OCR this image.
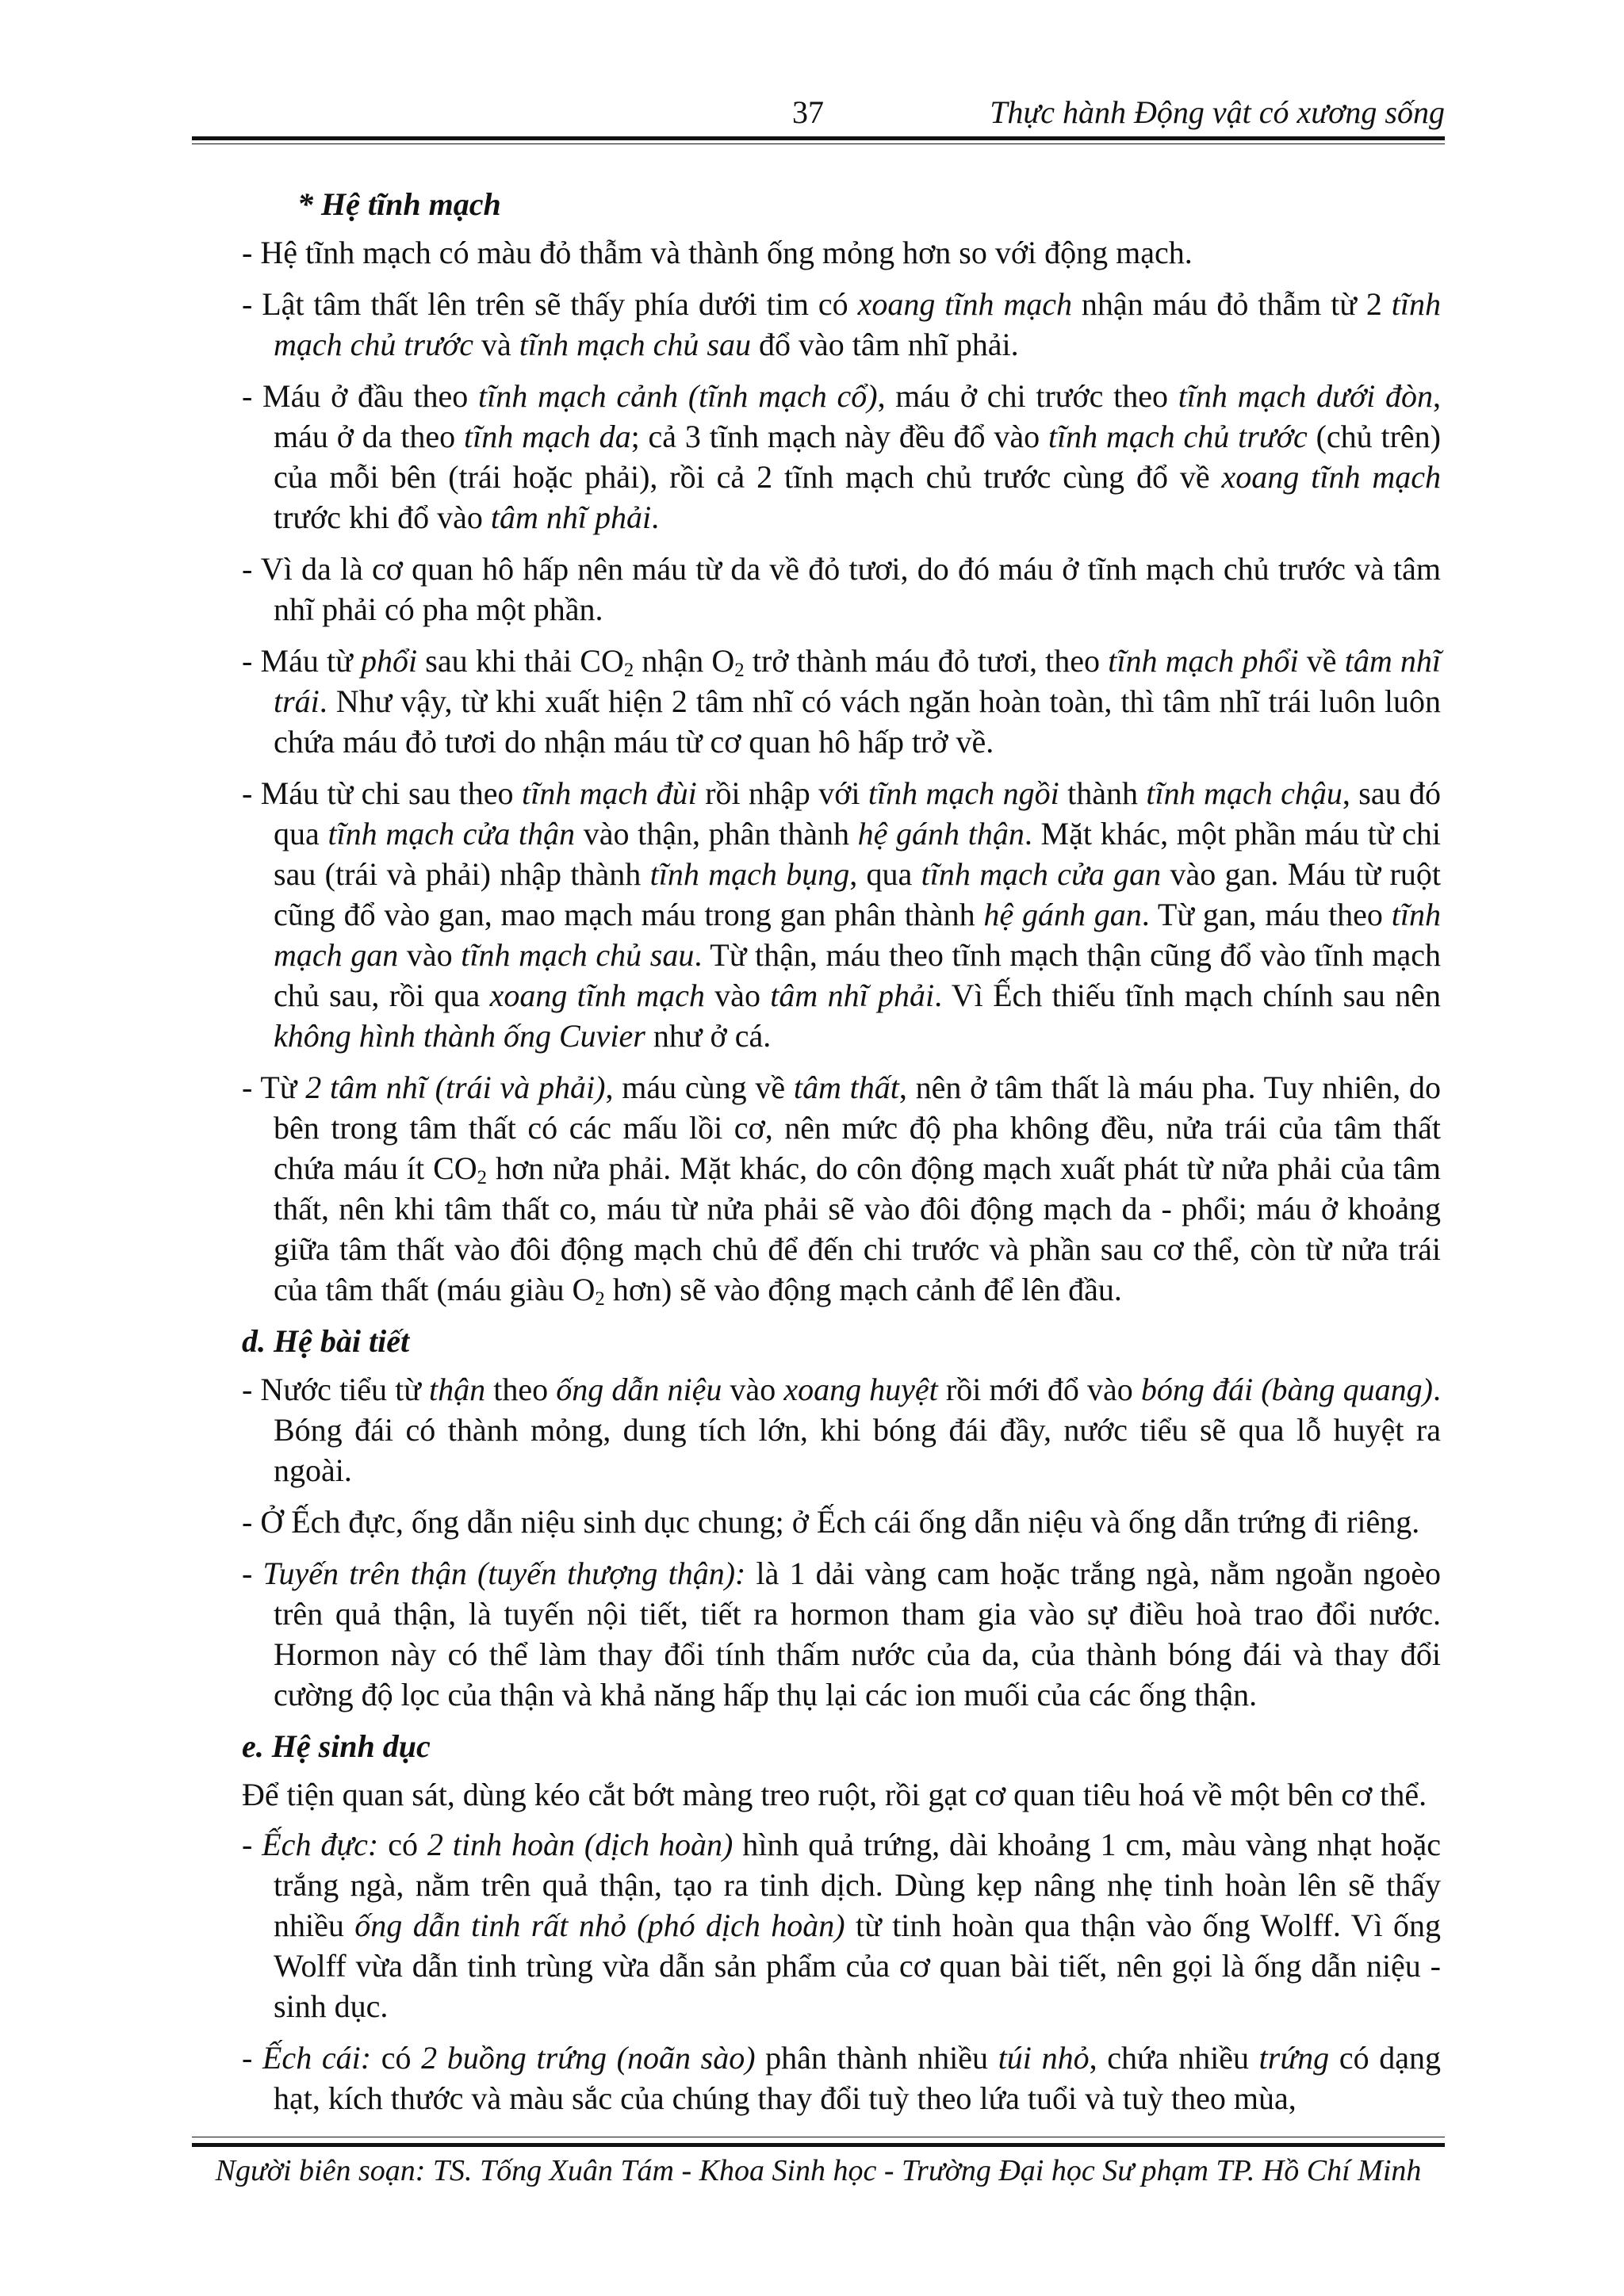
37	Thực hành Động vật có xương sống

* Hệ tĩnh mạch

- Hệ tĩnh mạch có màu đỏ thẫm và thành ống mỏng hơn so với động mạch.

- Lật tâm thất lên trên sẽ thấy phía dưới tim có xoang tĩnh mạch nhận máu đỏ thẫm từ 2 tĩnh mạch chủ trước và tĩnh mạch chủ sau đổ vào tâm nhĩ phải.

- Máu ở đầu theo tĩnh mạch cảnh (tĩnh mạch cổ), máu ở chi trước theo tĩnh mạch dưới đòn, máu ở da theo tĩnh mạch da; cả 3 tĩnh mạch này đều đổ vào tĩnh mạch chủ trước (chủ trên) của mỗi bên (trái hoặc phải), rồi cả 2 tĩnh mạch chủ trước cùng đổ về xoang tĩnh mạch trước khi đổ vào tâm nhĩ phải.

- Vì da là cơ quan hô hấp nên máu từ da về đỏ tươi, do đó máu ở tĩnh mạch chủ trước và tâm nhĩ phải có pha một phần.

- Máu từ phổi sau khi thải $CO_2$ nhận $O_2$ trở thành máu đỏ tươi, theo tĩnh mạch phổi về tâm nhĩ trái. Như vậy, từ khi xuất hiện 2 tâm nhĩ có vách ngăn hoàn toàn, thì tâm nhĩ trái luôn luôn chứa máu đỏ tươi do nhận máu từ cơ quan hô hấp trở về.

- Máu từ chi sau theo tĩnh mạch đùi rồi nhập với tĩnh mạch ngồi thành tĩnh mạch chậu, sau đó qua tĩnh mạch cửa thận vào thận, phân thành hệ gánh thận. Mặt khác, một phần máu từ chi sau (trái và phải) nhập thành tĩnh mạch bụng, qua tĩnh mạch cửa gan vào gan. Máu từ ruột cũng đổ vào gan, mao mạch máu trong gan phân thành hệ gánh gan. Từ gan, máu theo tĩnh mạch gan vào tĩnh mạch chủ sau. Từ thận, máu theo tĩnh mạch thận cũng đổ vào tĩnh mạch chủ sau, rồi qua xoang tĩnh mạch vào tâm nhĩ phải. Vì Ếch thiếu tĩnh mạch chính sau nên không hình thành ống Cuvier như ở cá.

- Từ 2 tâm nhĩ (trái và phải), máu cùng về tâm thất, nên ở tâm thất là máu pha. Tuy nhiên, do bên trong tâm thất có các mấu lồi cơ, nên mức độ pha không đều, nửa trái của tâm thất chứa máu ít $CO_2$ hơn nửa phải. Mặt khác, do côn động mạch xuất phát từ nửa phải của tâm thất, nên khi tâm thất co, máu từ nửa phải sẽ vào đôi động mạch da - phổi; máu ở khoảng giữa tâm thất vào đôi động mạch chủ để đến chi trước và phần sau cơ thể, còn từ nửa trái của tâm thất (máu giàu $O_2$ hơn) sẽ vào động mạch cảnh để lên đầu.

d. Hệ bài tiết

- Nước tiểu từ thận theo ống dẫn niệu vào xoang huyệt rồi mới đổ vào bóng đái (bàng quang). Bóng đái có thành mỏng, dung tích lớn, khi bóng đái đầy, nước tiểu sẽ qua lỗ huyệt ra ngoài.

- Ở Ếch đực, ống dẫn niệu sinh dục chung; ở Ếch cái ống dẫn niệu và ống dẫn trứng đi riêng.

- Tuyến trên thận (tuyến thượng thận): là 1 dải vàng cam hoặc trắng ngà, nằm ngoằn ngoèo trên quả thận, là tuyến nội tiết, tiết ra hormon tham gia vào sự điều hoà trao đổi nước. Hormon này có thể làm thay đổi tính thấm nước của da, của thành bóng đái và thay đổi cường độ lọc của thận và khả năng hấp thụ lại các ion muối của các ống thận.

e. Hệ sinh dục

Để tiện quan sát, dùng kéo cắt bớt màng treo ruột, rồi gạt cơ quan tiêu hoá về một bên cơ thể.

- Ếch đực: có 2 tinh hoàn (dịch hoàn) hình quả trứng, dài khoảng 1 cm, màu vàng nhạt hoặc trắng ngà, nằm trên quả thận, tạo ra tinh dịch. Dùng kẹp nâng nhẹ tinh hoàn lên sẽ thấy nhiều ống dẫn tinh rất nhỏ (phó dịch hoàn) từ tinh hoàn qua thận vào ống Wolff. Vì ống Wolff vừa dẫn tinh trùng vừa dẫn sản phẩm của cơ quan bài tiết, nên gọi là ống dẫn niệu - sinh dục.

- Ếch cái: có 2 buồng trứng (noãn sào) phân thành nhiều túi nhỏ, chứa nhiều trứng có dạng hạt, kích thước và màu sắc của chúng thay đổi tuỳ theo lứa tuổi và tuỳ theo mùa,

Người biên soạn: TS. Tống Xuân Tám - Khoa Sinh học - Trường Đại học Sư phạm TP. Hồ Chí Minh
